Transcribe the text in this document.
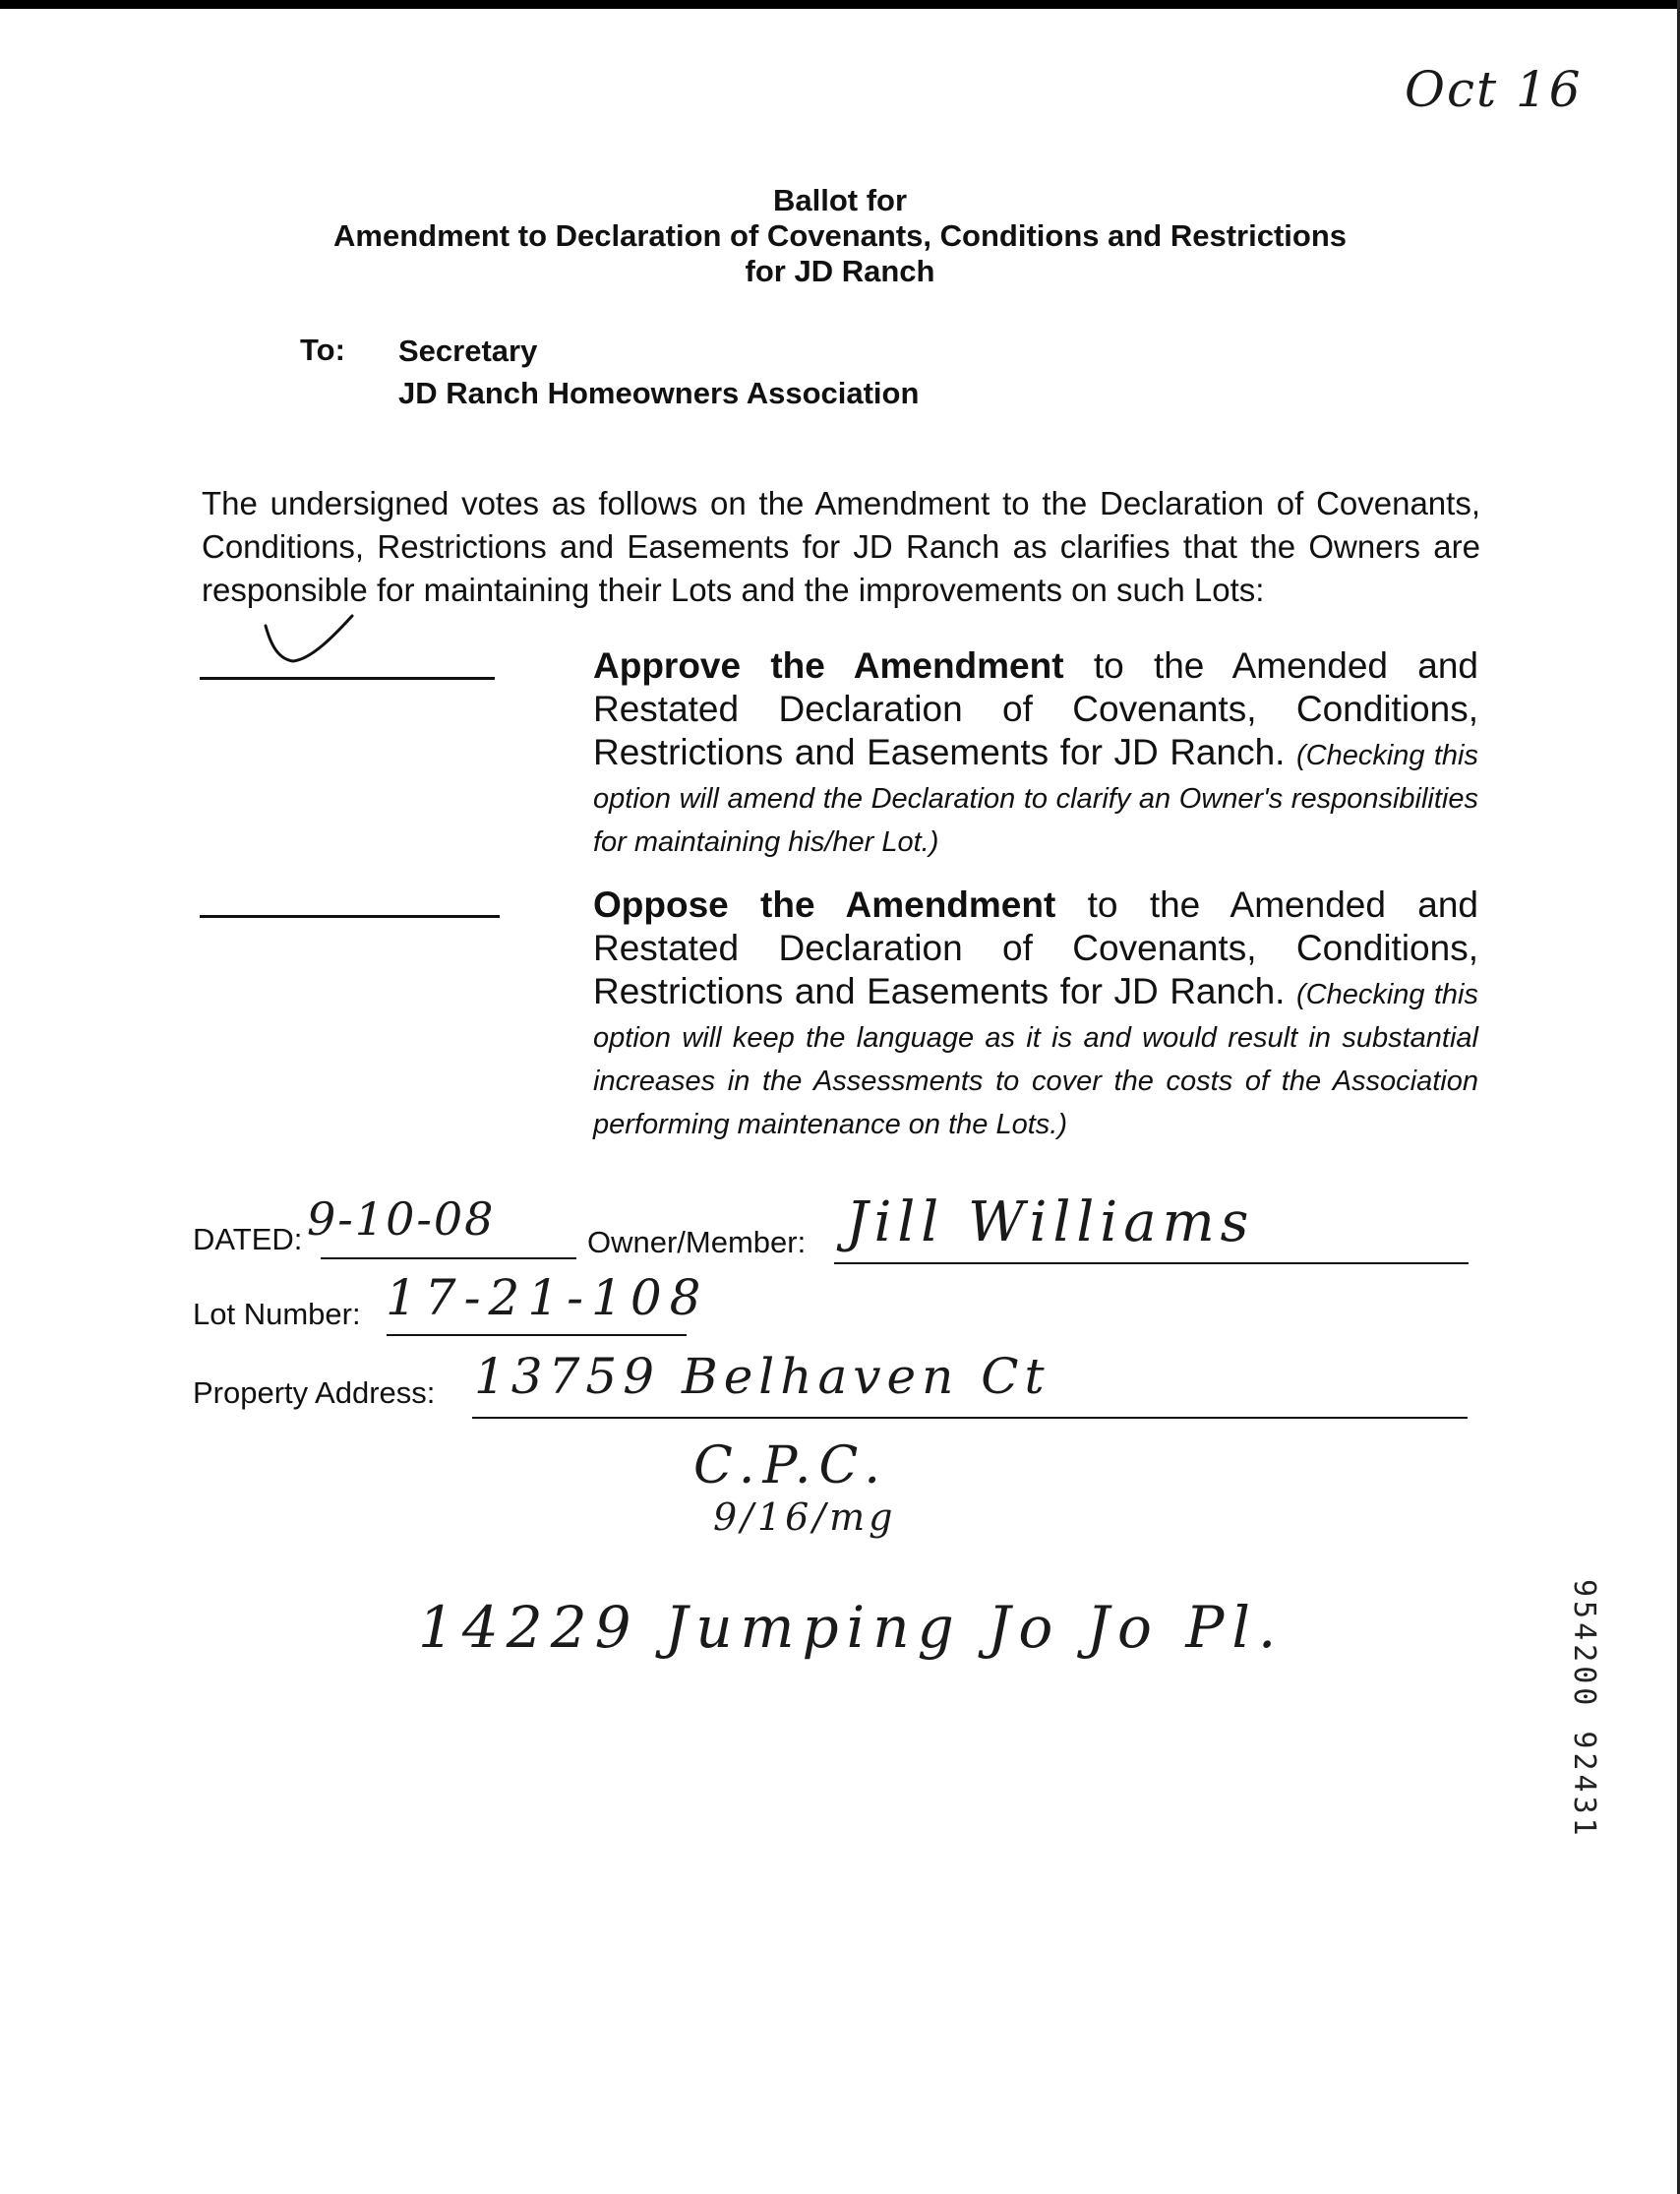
Oct 16
Ballot for
Amendment to Declaration of Covenants, Conditions and Restrictions
for JD Ranch
To: Secretary
JD Ranch Homeowners Association
The undersigned votes as follows on the Amendment to the Declaration of Covenants, Conditions, Restrictions and Easements for JD Ranch as clarifies that the Owners are responsible for maintaining their Lots and the improvements on such Lots:
Approve the Amendment to the Amended and Restated Declaration of Covenants, Conditions, Restrictions and Easements for JD Ranch. (Checking this option will amend the Declaration to clarify an Owner's responsibilities for maintaining his/her Lot.)
Oppose the Amendment to the Amended and Restated Declaration of Covenants, Conditions, Restrictions and Easements for JD Ranch. (Checking this option will keep the language as it is and would result in substantial increases in the Assessments to cover the costs of the Association performing maintenance on the Lots.)
DATED: 9-10-08	Owner/Member: Jill Williams
Lot Number: 17-21-108
Property Address: 13759 Belhaven Ct
C.P.C.
9/16/mg
14229 Jumping Jo Jo Pl.	954200 92431
